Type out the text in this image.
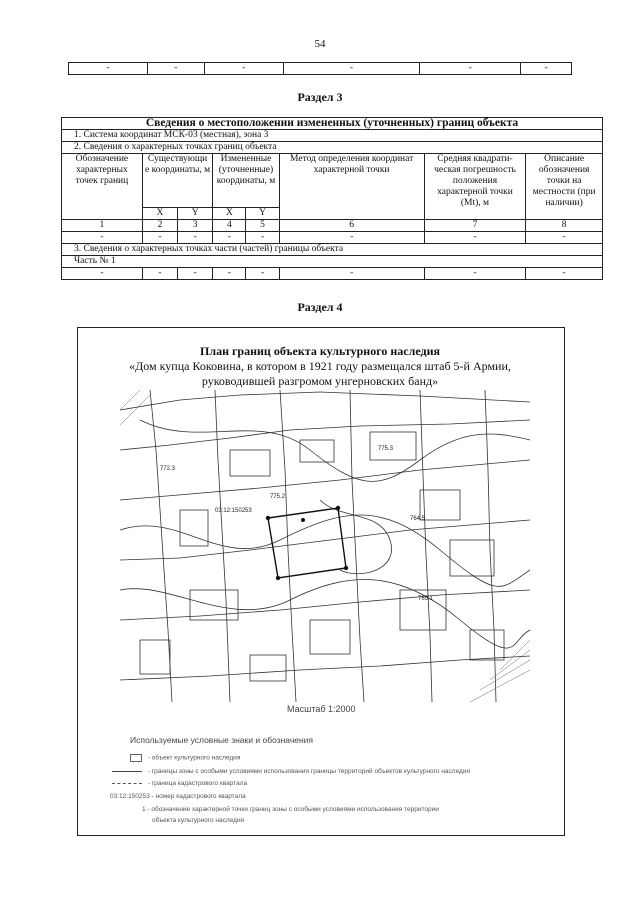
54
-	-	-	-	-	-
Раздел 3
Сведения о местоположении измененных (уточненных) границ объекта							
1. Система координат МСК-03 (местная), зона 3							
2. Сведения о характерных точках границ объекта							
Обозначение характерных точек границ	Существующи е координаты, м		Измененные (уточненные) координаты, м		Метод определения координат характерной точки	Средняя квадрати-ческая погрешность положения характерной точки (Mt), м	Описание обозначения точки на местности (при наличии)
	X	Y	X	Y			
1	2	3	4	5	6	7	8
-	-	-	-	-	-	-	-
3. Сведения о характерных точках части (частей) границы объекта							
Часть № 1							
-	-	-	-	-	-	-	-
Раздел 4
План границ объекта культурного наследия
«Дом купца Коковина, в котором в 1921 году размещался штаб 5-й Армии,
руководившей разгромом унгерновских банд»
03:12:150253
775.2
775.3
772.3
764.5
765.1
Масштаб 1:2000
Используемые условные знаки и обозначения
- объект культурного наследия
- границы зоны с особыми условиями использования границы территорий объектов культурного наследия
- граница кадастрового квартала
03:12:150253 - номер кадастрового квартала
1 - обозначение характерной точки границ зоны с особыми условиями использования территории
объекта культурного наследия
